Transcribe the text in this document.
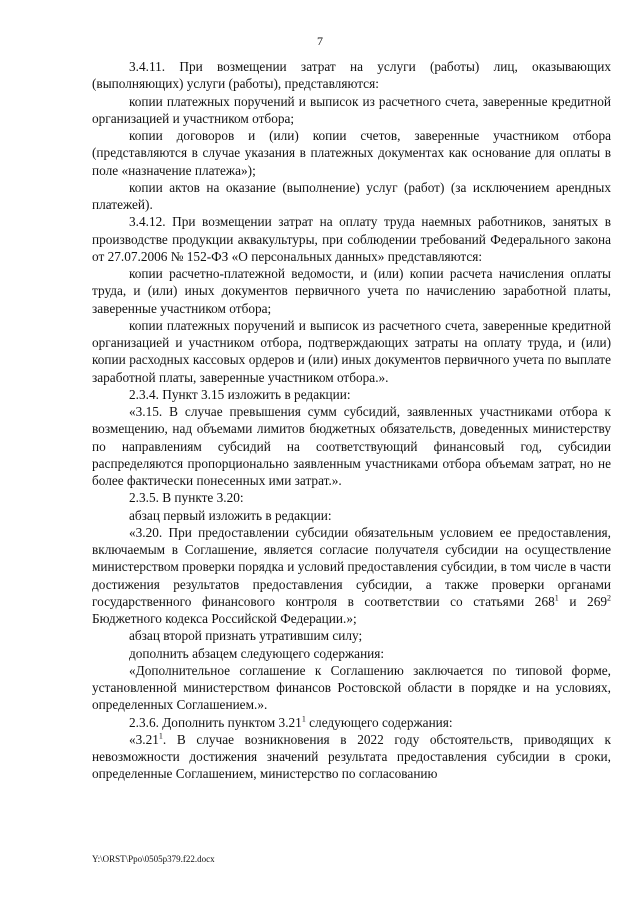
7

3.4.11. При возмещении затрат на услуги (работы) лиц, оказывающих (выполняющих) услуги (работы), представляются:

копии платежных поручений и выписок из расчетного счета, заверенные кредитной организацией и участником отбора;

копии договоров и (или) копии счетов, заверенные участником отбора (представляются в случае указания в платежных документах как основание для оплаты в поле «назначение платежа»);

копии актов на оказание (выполнение) услуг (работ) (за исключением арендных платежей).

3.4.12. При возмещении затрат на оплату труда наемных работников, занятых в производстве продукции аквакультуры, при соблюдении требований Федерального закона от 27.07.2006 № 152-ФЗ «О персональных данных» представляются:

копии расчетно-платежной ведомости, и (или) копии расчета начисления оплаты труда, и (или) иных документов первичного учета по начислению заработной платы, заверенные участником отбора;

копии платежных поручений и выписок из расчетного счета, заверенные кредитной организацией и участником отбора, подтверждающих затраты на оплату труда, и (или) копии расходных кассовых ордеров и (или) иных документов первичного учета по выплате заработной платы, заверенные участником отбора.».

2.3.4. Пункт 3.15 изложить в редакции:

«3.15. В случае превышения сумм субсидий, заявленных участниками отбора к возмещению, над объемами лимитов бюджетных обязательств, доведенных министерству по направлениям субсидий на соответствующий финансовый год, субсидии распределяются пропорционально заявленным участниками отбора объемам затрат, но не более фактически понесенных ими затрат.».

2.3.5. В пункте 3.20:

абзац первый изложить в редакции:

«3.20. При предоставлении субсидии обязательным условием ее предоставления, включаемым в Соглашение, является согласие получателя субсидии на осуществление министерством проверки порядка и условий предоставления субсидии, в том числе в части достижения результатов предоставления субсидии, а также проверки органами государственного финансового контроля в соответствии со статьями $268^1$ и $269^2$ Бюджетного кодекса Российской Федерации.»;

абзац второй признать утратившим силу;

дополнить абзацем следующего содержания:

«Дополнительное соглашение к Соглашению заключается по типовой форме, установленной министерством финансов Ростовской области в порядке и на условиях, определенных Соглашением.».

2.3.6. Дополнить пунктом 3.21$^1$ следующего содержания:

«3.21$^1$. В случае возникновения в 2022 году обстоятельств, приводящих к невозможности достижения значений результата предоставления субсидии в сроки, определенные Соглашением, министерство по согласованию

Y:\ORST\Ppo\0505p379.f22.docx
